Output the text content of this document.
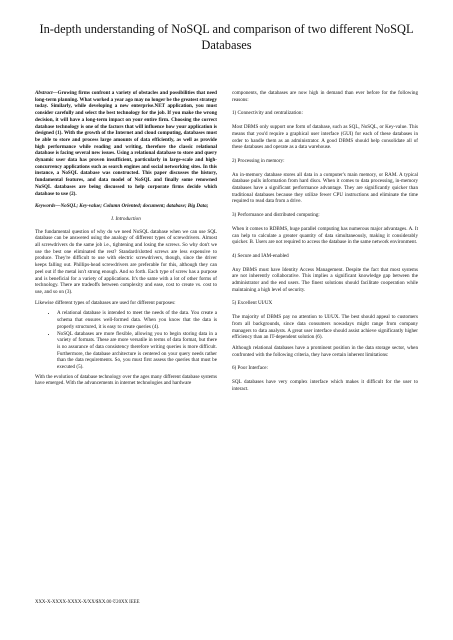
In-depth understanding of NoSQL and comparison of two different NoSQL Databases

Abstract—Growing firms confront a variety of obstacles and possibilities that need long-term planning. What worked a year ago may no longer be the greatest strategy today. Similarly, while developing a new enterprise.NET application, you must consider carefully and select the best technology for the job. If you make the wrong decision, it will have a long-term impact on your entire firm. Choosing the correct database technology is one of the factors that will influence how your application is designed (1). With the growth of the Internet and cloud computing, databases must be able to store and process large amounts of data efficiently, as well as provide high performance while reading and writing, therefore the classic relational database is facing several new issues. Using a relational database to store and query dynamic user data has proven insufficient, particularly in large-scale and high-concurrency applications such as search engines and social networking sites. In this instance, a NoSQL database was constructed. This paper discusses the history, fundamental features, and data model of NoSQL and finally some renowned NoSQL databases are being discussed to help corporate firms decide which database to use (2).

Keywords—NoSQL; Key-value; Column Oriented; document; database; Big Data;

I. Introduction

The fundamental question of why do we need NoSQL database when we can use SQL database can be answered using the analogy of different types of screwdrivers. Almost all screwdrivers do the same job i.e., tightening and losing the screws. So why don't we use the best one eliminated the rest? Standard/slotted screws are less expensive to produce. They're difficult to use with electric screwdrivers, though, since the driver keeps falling out. Phillips-head screwdrivers are preferable for this, although they can peel out if the metal isn't strong enough. And so forth. Each type of screw has a purpose and is beneficial for a variety of applications. It's the same with a lot of other forms of technology. There are tradeoffs between complexity and ease, cost to create vs. cost to use, and so on (3).

Likewise different types of databases are used for different purposes:

• A relational database is intended to meet the needs of the data. You create a schema that ensures well-formed data. When you know that the data is properly structured, it is easy to create queries (4).
• NoSQL databases are more flexible, allowing you to begin storing data in a variety of formats. These are more versatile in terms of data format, but there is no assurance of data consistency therefore writing queries is more difficult. Furthermore, the database architecture is centered on your query needs rather than the data requirements. So, you must first assess the queries that must be executed (5).

With the evolution of database technology over the ages many different database systems have emerged. With the advancements in internet technologies and hardware

components, the databases are now high in demand than ever before for the following reasons:

1) Connectivity and centralization:

Most DBMS only support one form of database, such as SQL, NoSQL, or Key-value. This means that you'd require a graphical user interface (GUI) for each of these databases in order to handle them as an administrator. A good DBMS should help consolidate all of these databases and operate as a data warehouse.

2) Processing in memory:

An in-memory database stores all data in a computer's main memory, or RAM. A typical database pulls information from hard discs. When it comes to data processing, in-memory databases have a significant performance advantage. They are significantly quicker than traditional databases because they utilize fewer CPU instructions and eliminate the time required to read data from a drive.

3) Performance and distributed computing:

When it comes to RDBMS, huge parallel computing has numerous major advantages. A. It can help to calculate a greater quantity of data simultaneously, making it considerably quicker. B. Users are not required to access the database in the same network environment.

4) Secure and IAM-enabled

Any DBMS must have Identity Access Management. Despite the fact that most systems are not inherently collaborative. This implies a significant knowledge gap between the administrator and the end users. The finest solutions should facilitate cooperation while maintaining a high level of security.

5) Excellent UI/UX

The majority of DBMS pay no attention to UI/UX. The best should appeal to customers from all backgrounds, since data consumers nowadays might range from company managers to data analysts. A great user interface should assist achieve significantly higher efficiency than an IT-dependent solution (6).

Although relational databases have a prominent position in the data storage sector, when confronted with the following criteria, they have certain inherent limitations:

6) Poor Interface:

SQL databases have very complex interface which makes it difficult for the user to interact.

XXX-X-XXXX-XXXX-X/XX/$XX.00 ©20XX IEEE
